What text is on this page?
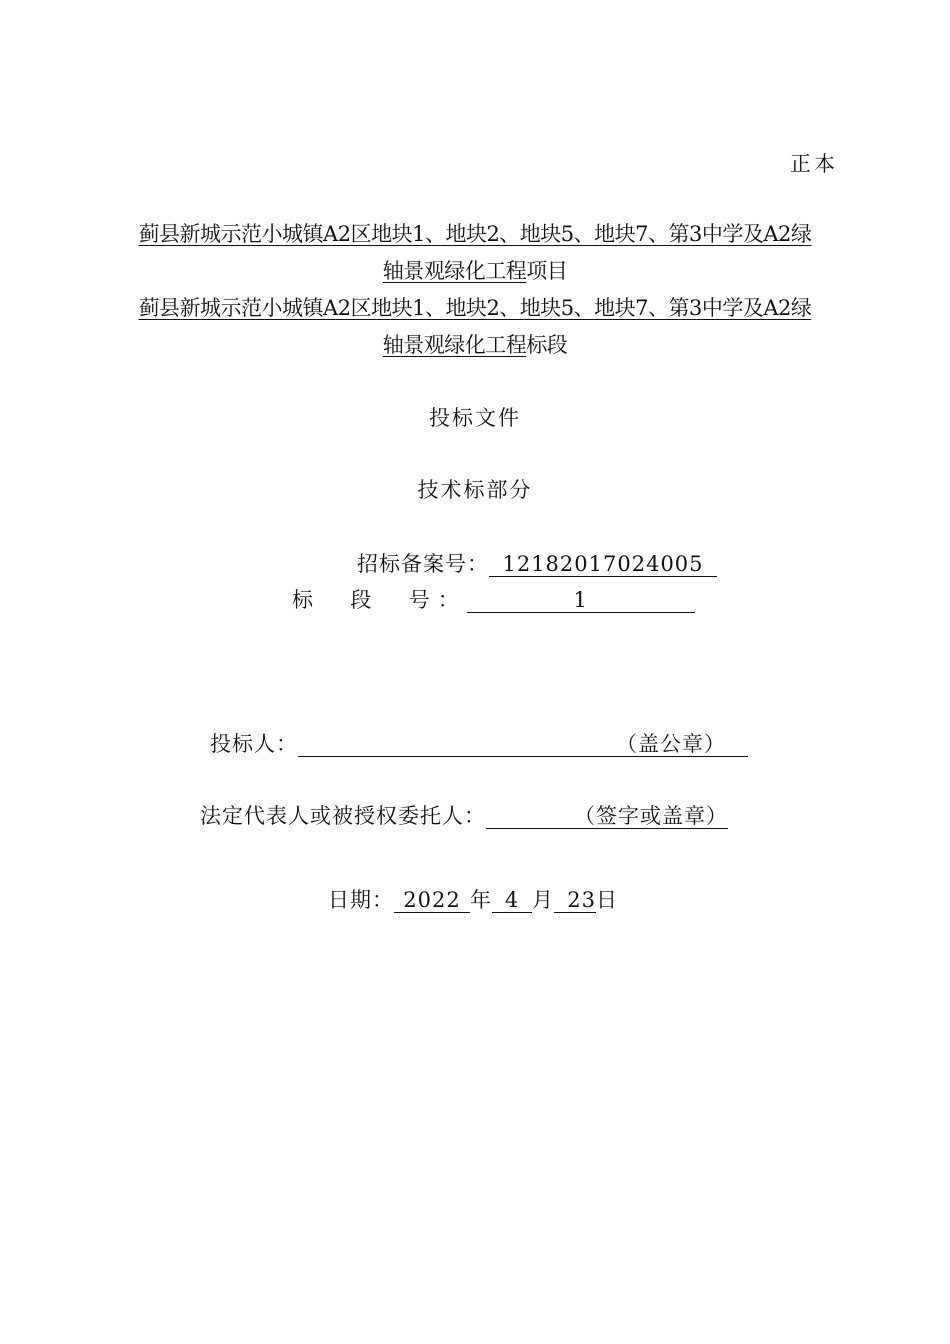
正本
蓟县新城示范小城镇A2区地块1、地块2、地块5、地块7、第3中学及A2绿
轴景观绿化工程项目
蓟县新城示范小城镇A2区地块1、地块2、地块5、地块7、第3中学及A2绿
轴景观绿化工程标段
投标文件
技术标部分
招标备案号： 12182017024005
标  段  号：	1
投标人：	（盖公章）
法定代表人或被授权委托人：	（签字或盖章）
日期： 2022 年 4 月 23日
